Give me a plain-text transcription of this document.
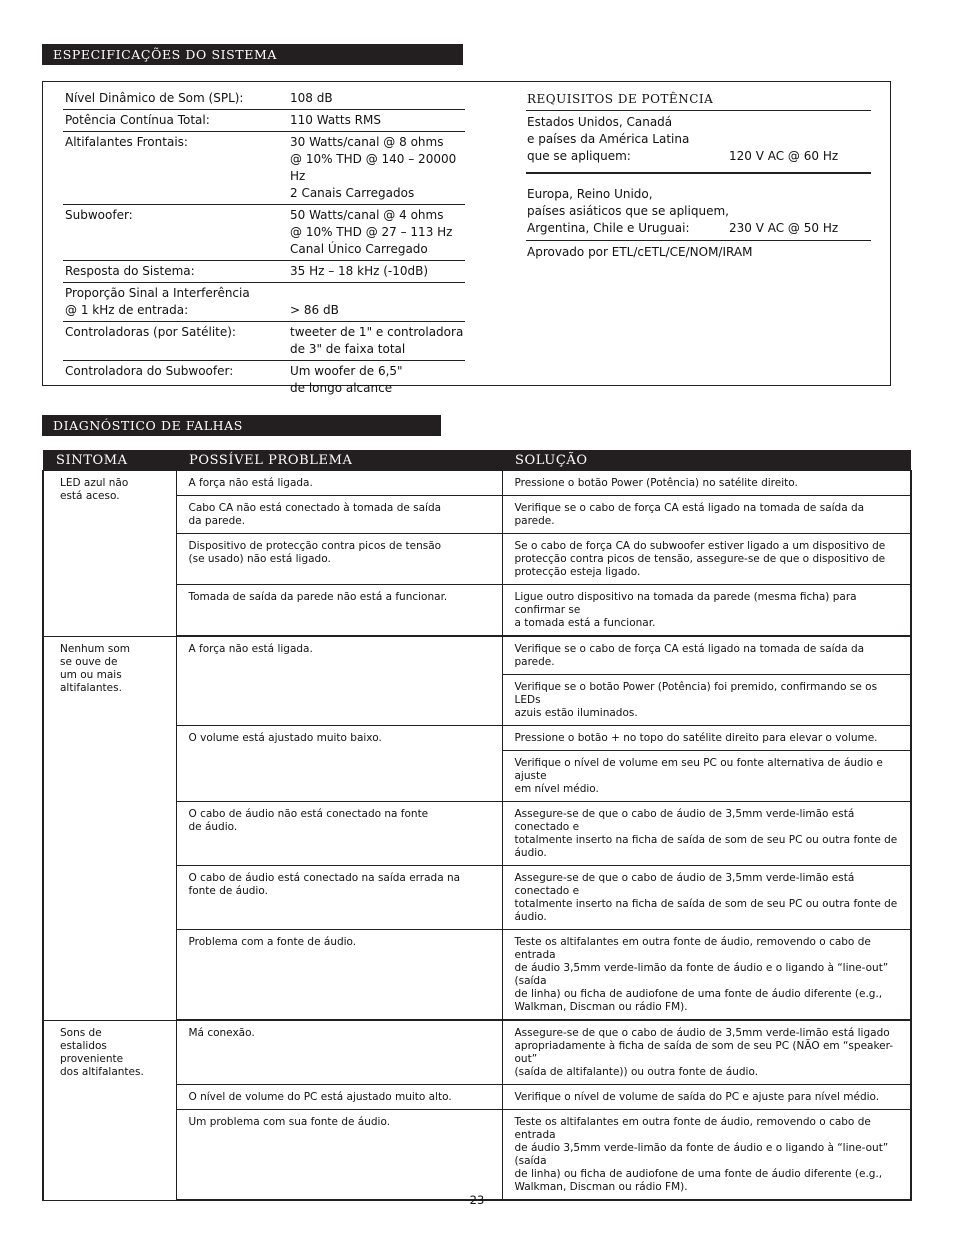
ESPECIFICAÇÕES DO SISTEMA
Nível Dinâmico de Som (SPL):	108 dB
Potência Contínua Total:	110 Watts RMS
Altifalantes Frontais:	30 Watts/canal @ 8 ohms
@ 10% THD @ 140 – 20000 Hz
2 Canais Carregados
Subwoofer:	50 Watts/canal @ 4 ohms
@ 10% THD @ 27 – 113 Hz
Canal Único Carregado
Resposta do Sistema:	35 Hz – 18 kHz (-10dB)
Proporção Sinal a Interferência
@ 1 kHz de entrada:	
> 86 dB
Controladoras (por Satélite):	tweeter de 1" e controladora
de 3" de faixa total
Controladora do Subwoofer:	Um woofer de 6,5"
de longo alcance
REQUISITOS DE POTÊNCIA
Estados Unidos, Canadá
e países da América Latina
que se apliquem:	120 V AC @ 60 Hz
Europa, Reino Unido,
países asiáticos que se apliquem,
Argentina, Chile e Uruguai:	230 V AC @ 50 Hz
Aprovado por ETL/cETL/CE/NOM/IRAM
DIAGNÓSTICO DE FALHAS
SINTOMA	POSSÍVEL PROBLEMA	SOLUÇÃO
LED azul não
está aceso.	A força não está ligada.	Pressione o botão Power (Potência) no satélite direito.
	Cabo CA não está conectado à tomada de saída
da parede.	Verifique se o cabo de força CA está ligado na tomada de saída da parede.
	Dispositivo de protecção contra picos de tensão
(se usado) não está ligado.	Se o cabo de força CA do subwoofer estiver ligado a um dispositivo de
protecção contra picos de tensão, assegure-se de que o dispositivo de
protecção esteja ligado.
	Tomada de saída da parede não está a funcionar.	Ligue outro dispositivo na tomada da parede (mesma ficha) para confirmar se
a tomada está a funcionar.
Nenhum som
se ouve de
um ou mais
altifalantes.	A força não está ligada.	Verifique se o cabo de força CA está ligado na tomada de saída da parede.
		Verifique se o botão Power (Potência) foi premido, confirmando se os LEDs
azuis estão iluminados.
	O volume está ajustado muito baixo.	Pressione o botão + no topo do satélite direito para elevar o volume.
		Verifique o nível de volume em seu PC ou fonte alternativa de áudio e ajuste
em nível médio.
	O cabo de áudio não está conectado na fonte
de áudio.	Assegure-se de que o cabo de áudio de 3,5mm verde-limão está conectado e
totalmente inserto na ficha de saída de som de seu PC ou outra fonte de áudio.
	O cabo de áudio está conectado na saída errada na
fonte de áudio.	Assegure-se de que o cabo de áudio de 3,5mm verde-limão está conectado e
totalmente inserto na ficha de saída de som de seu PC ou outra fonte de áudio.
	Problema com a fonte de áudio.	Teste os altifalantes em outra fonte de áudio, removendo o cabo de entrada
de áudio 3,5mm verde-limão da fonte de áudio e o ligando à “line-out” (saída
de linha) ou ficha de audiofone de uma fonte de áudio diferente (e.g.,
Walkman, Discman ou rádio FM).
Sons de
estalidos
proveniente
dos altifalantes.	Má conexão.	Assegure-se de que o cabo de áudio de 3,5mm verde-limão está ligado
apropriadamente à ficha de saída de som de seu PC (NÃO em “speaker-out”
(saída de altifalante)) ou outra fonte de áudio.
	O nível de volume do PC está ajustado muito alto.	Verifique o nível de volume de saída do PC e ajuste para nível médio.
	Um problema com sua fonte de áudio.	Teste os altifalantes em outra fonte de áudio, removendo o cabo de entrada
de áudio 3,5mm verde-limão da fonte de áudio e o ligando à “line-out” (saída
de linha) ou ficha de audiofone de uma fonte de áudio diferente (e.g.,
Walkman, Discman ou rádio FM).
23
